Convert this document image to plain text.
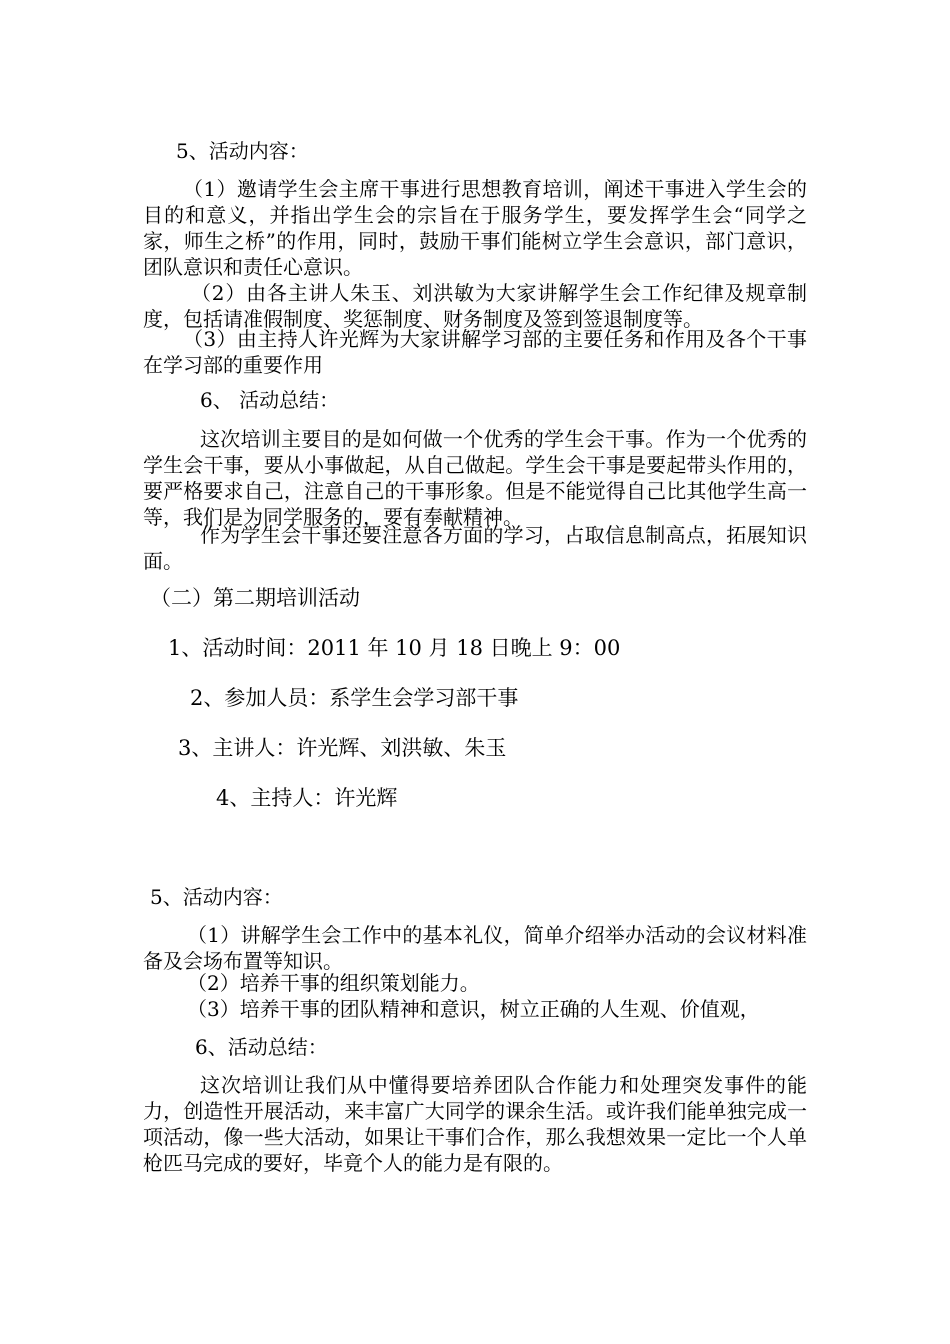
5、活动内容：
（1）邀请学生会主席干事进行思想教育培训，阐述干事进入学生会的目的和意义，并指出学生会的宗旨在于服务学生，要发挥学生会“同学之家，师生之桥”的作用，同时，鼓励干事们能树立学生会意识，部门意识，团队意识和责任心意识。
（2）由各主讲人朱玉、刘洪敏为大家讲解学生会工作纪律及规章制度，包括请准假制度、奖惩制度、财务制度及签到签退制度等。
（3）由主持人许光辉为大家讲解学习部的主要任务和作用及各个干事在学习部的重要作用
6、 活动总结：
这次培训主要目的是如何做一个优秀的学生会干事。作为一个优秀的学生会干事，要从小事做起，从自己做起。学生会干事是要起带头作用的，要严格要求自己，注意自己的干事形象。但是不能觉得自己比其他学生高一等，我们是为同学服务的，要有奉献精神。
作为学生会干事还要注意各方面的学习，占取信息制高点，拓展知识面。
（二）第二期培训活动
1、活动时间：2011 年 10 月 18 日晚上 9：00
2、参加人员：系学生会学习部干事
3、主讲人：许光辉、刘洪敏、朱玉
4、主持人：许光辉
5、活动内容：
（1）讲解学生会工作中的基本礼仪，简单介绍举办活动的会议材料准备及会场布置等知识。
（2）培养干事的组织策划能力。
（3）培养干事的团队精神和意识，树立正确的人生观、价值观，
6、活动总结：
这次培训让我们从中懂得要培养团队合作能力和处理突发事件的能力，创造性开展活动，来丰富广大同学的课余生活。或许我们能单独完成一项活动，像一些大活动，如果让干事们合作，那么我想效果一定比一个人单枪匹马完成的要好，毕竟个人的能力是有限的。
